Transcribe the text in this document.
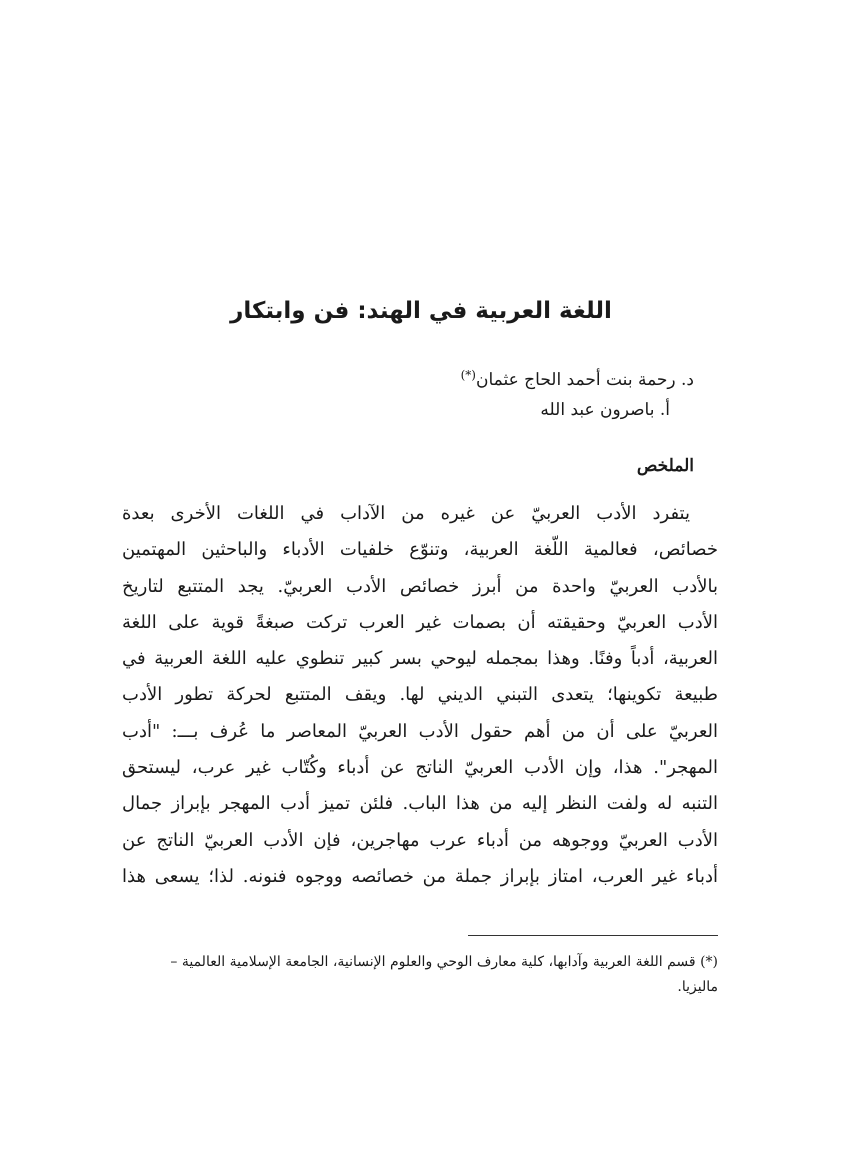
اللغة العربية في الهند: فن وابتكار
د. رحمة بنت أحمد الحاج عثمان(*)
أ. باصرون عبد الله
الملخص

يتفرد الأدب العربيّ عن غيره من الآداب في اللغات الأخرى بعدة
خصائص، فعالمية اللّغة العربية، وتنوّع خلفيات الأدباء والباحثين المهتمين
بالأدب العربيّ واحدة من أبرز خصائص الأدب العربيّ. يجد المتتبع لتاريخ
الأدب العربيّ وحقيقته أن بصمات غير العرب تركت صبغةً قوية على اللغة
العربية، أدباً وفنًا. وهذا بمجمله ليوحي بسر كبير تنطوي عليه اللغة العربية في
طبيعة تكوينها؛ يتعدى التبني الديني لها. ويقف المتتبع لحركة تطور الأدب
العربيّ على أن من أهم حقول الأدب العربيّ المعاصر ما عُرف بـــ: "أدب
المهجر". هذا، وإن الأدب العربيّ الناتج عن أدباء وكُتّاب غير عرب، ليستحق
التنبه له ولفت النظر إليه من هذا الباب. فلئن تميز أدب المهجر بإبراز جمال
الأدب العربيّ ووجوهه من أدباء عرب مهاجرين، فإن الأدب العربيّ الناتج عن
أدباء غير العرب، امتاز بإبراز جملة من خصائصه ووجوه فنونه. لذا؛ يسعى هذا

(*) قسم اللغة العربية وآدابها، كلية معارف الوحي والعلوم الإنسانية، الجامعة الإسلامية العالمية –
ماليزيا.
